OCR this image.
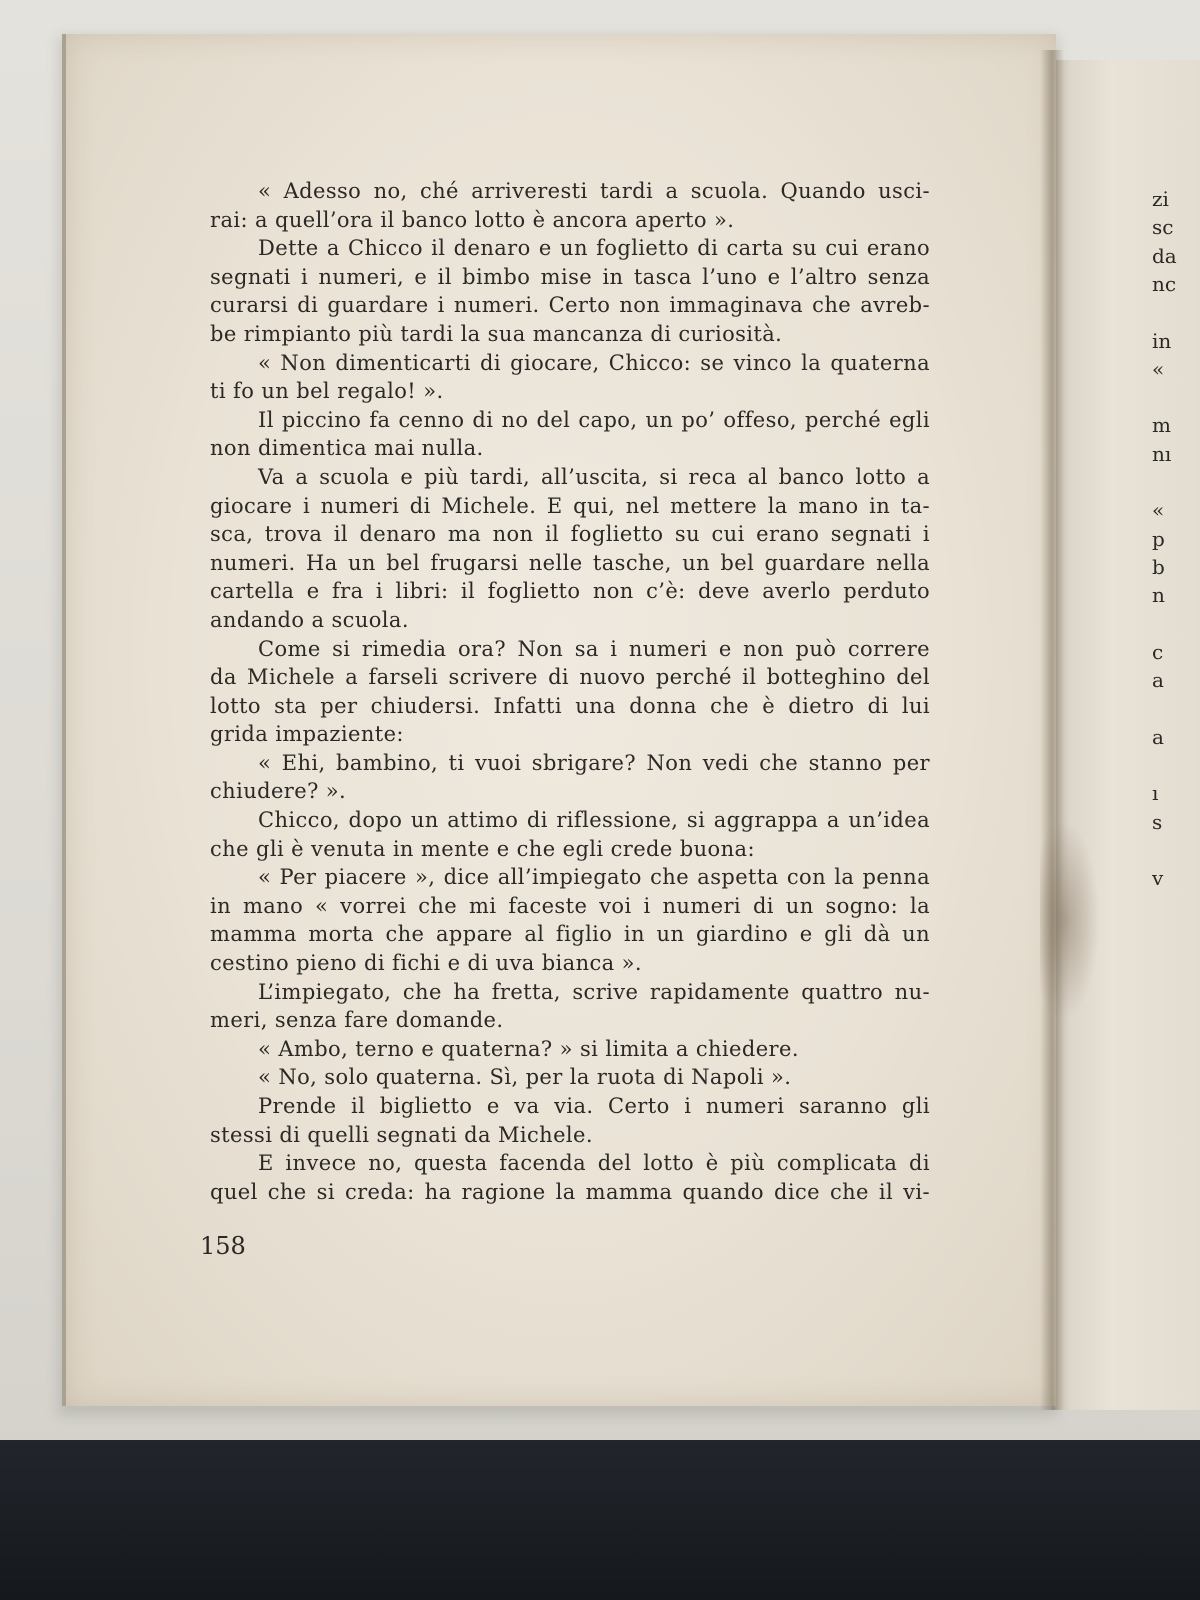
« Adesso no, ché arriveresti tardi a scuola. Quando usci-
rai: a quell’ora il banco lotto è ancora aperto ».
Dette a Chicco il denaro e un foglietto di carta su cui erano
segnati i numeri, e il bimbo mise in tasca l’uno e l’altro senza
curarsi di guardare i numeri. Certo non immaginava che avreb-
be rimpianto più tardi la sua mancanza di curiosità.
« Non dimenticarti di giocare, Chicco: se vinco la quaterna
ti fo un bel regalo! ».
Il piccino fa cenno di no del capo, un po’ offeso, perché egli
non dimentica mai nulla.
Va a scuola e più tardi, all’uscita, si reca al banco lotto a
giocare i numeri di Michele. E qui, nel mettere la mano in ta-
sca, trova il denaro ma non il foglietto su cui erano segnati i
numeri. Ha un bel frugarsi nelle tasche, un bel guardare nella
cartella e fra i libri: il foglietto non c’è: deve averlo perduto
andando a scuola.
Come si rimedia ora? Non sa i numeri e non può correre
da Michele a farseli scrivere di nuovo perché il botteghino del
lotto sta per chiudersi. Infatti una donna che è dietro di lui
grida impaziente:
« Ehi, bambino, ti vuoi sbrigare? Non vedi che stanno per
chiudere? ».
Chicco, dopo un attimo di riflessione, si aggrappa a un’idea
che gli è venuta in mente e che egli crede buona:
« Per piacere », dice all’impiegato che aspetta con la penna
in mano « vorrei che mi faceste voi i numeri di un sogno: la
mamma morta che appare al figlio in un giardino e gli dà un
cestino pieno di fichi e di uva bianca ».
L’impiegato, che ha fretta, scrive rapidamente quattro nu-
meri, senza fare domande.
« Ambo, terno e quaterna? » si limita a chiedere.
« No, solo quaterna. Sì, per la ruota di Napoli ».
Prende il biglietto e va via. Certo i numeri saranno gli
stessi di quelli segnati da Michele.
E invece no, questa facenda del lotto è più complicata di
quel che si creda: ha ragione la mamma quando dice che il vi-
158
zi
sc
da
nc
in
«
m
nı
«
p
b
n
c
a
a
ı
s
v
